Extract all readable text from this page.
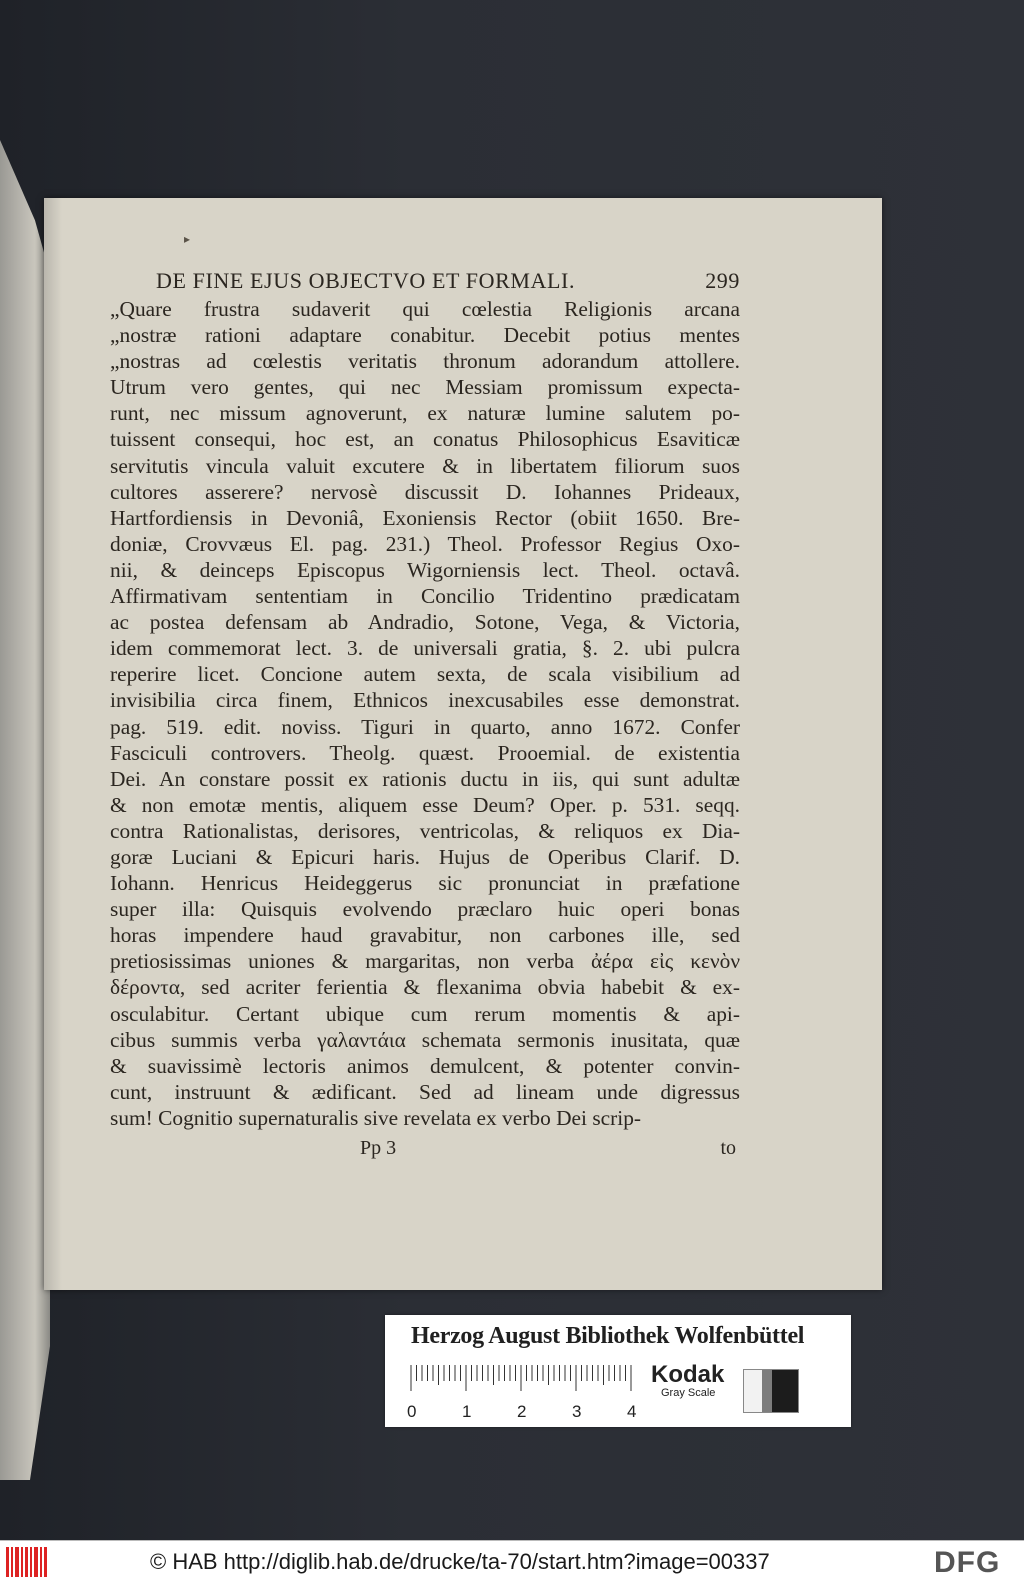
▸
DE FINE EJUS OBJECTVO ET FORMALI.	299
„Quare frustra sudaverit qui cœlestia Religionis arcana
„nostræ rationi adaptare conabitur. Decebit potius mentes
„nostras ad cœlestis veritatis thronum adorandum attollere.
Utrum vero gentes, qui nec Messiam promissum expecta-
runt, nec missum agnoverunt, ex naturæ lumine salutem po-
tuissent consequi, hoc est, an conatus Philosophicus Esaviticæ
servitutis vincula valuit excutere & in libertatem filiorum suos
cultores asserere? nervosè discussit D. Iohannes Prideaux,
Hartfordiensis in Devoniâ, Exoniensis Rector (obiit 1650. Bre-
doniæ, Crovvæus El. pag. 231.) Theol. Professor Regius Oxo-
nii, & deinceps Episcopus Wigorniensis lect. Theol. octavâ.
Affirmativam sententiam in Concilio Tridentino prædicatam
ac postea defensam ab Andradio, Sotone, Vega, & Victoria,
idem commemorat lect. 3. de universali gratia, §. 2. ubi pulcra
reperire licet. Concione autem sexta, de scala visibilium ad
invisibilia circa finem, Ethnicos inexcusabiles esse demonstrat.
pag. 519. edit. noviss. Tiguri in quarto, anno 1672. Confer
Fasciculi controvers. Theolg. quæst. Prooemial. de existentia
Dei. An constare possit ex rationis ductu in iis, qui sunt adultæ
& non emotæ mentis, aliquem esse Deum? Oper. p. 531. seqq.
contra Rationalistas, derisores, ventricolas, & reliquos ex Dia-
goræ Luciani & Epicuri haris. Hujus de Operibus Clarif. D.
Iohann. Henricus Heideggerus sic pronunciat in præfatione
super illa: Quisquis evolvendo præclaro huic operi bonas
horas impendere haud gravabitur, non carbones ille, sed
pretiosissimas uniones & margaritas, non verba ἀέρα εἰς κενὸν
δέροντα, sed acriter ferientia & flexanima obvia habebit & ex-
osculabitur. Certant ubique cum rerum momentis & api-
cibus summis verba γαλαντάια schemata sermonis inusitata, quæ
& suavissimè lectoris animos demulcent, & potenter convin-
cunt, instruunt & ædificant. Sed ad lineam unde digressus
sum! Cognitio supernaturalis sive revelata ex verbo Dei scrip-
Pp 3	to
Herzog August Bibliothek Wolfenbüttel
0	1	2	3	4
Kodak
Gray Scale
© HAB http://diglib.hab.de/drucke/ta-70/start.htm?image=00337	DFG
